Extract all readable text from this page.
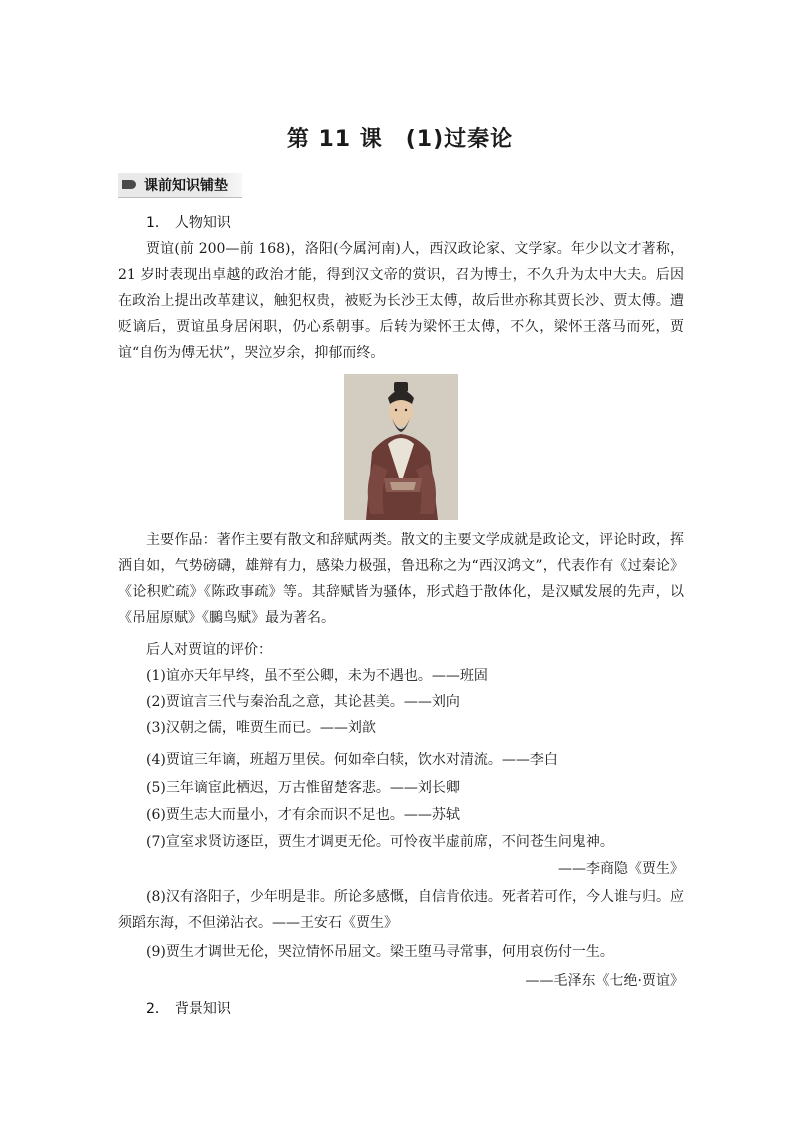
第 11 课　(1)过秦论
课前知识铺垫
1． 人物知识
贾谊(前 200—前 168)，洛阳(今属河南)人，西汉政论家、文学家。年少以文才著称，21 岁时表现出卓越的政治才能，得到汉文帝的赏识，召为博士，不久升为太中大夫。后因在政治上提出改革建议，触犯权贵，被贬为长沙王太傅，故后世亦称其贾长沙、贾太傅。遭贬谪后，贾谊虽身居闲职，仍心系朝事。后转为梁怀王太傅，不久，梁怀王落马而死，贾谊“自伤为傅无状”，哭泣岁余，抑郁而终。
主要作品：著作主要有散文和辞赋两类。散文的主要文学成就是政论文，评论时政，挥洒自如，气势磅礴，雄辩有力，感染力极强，鲁迅称之为“西汉鸿文”，代表作有《过秦论》《论积贮疏》《陈政事疏》等。其辞赋皆为骚体，形式趋于散体化，是汉赋发展的先声，以《吊屈原赋》《鵩鸟赋》最为著名。
后人对贾谊的评价：
(1)谊亦天年早终，虽不至公卿，未为不遇也。——班固
(2)贾谊言三代与秦治乱之意，其论甚美。——刘向
(3)汉朝之儒，唯贾生而已。——刘歆
(4)贾谊三年谪，班超万里侯。何如牵白犊，饮水对清流。——李白
(5)三年谪宦此栖迟，万古惟留楚客悲。——刘长卿
(6)贾生志大而量小，才有余而识不足也。——苏轼
(7)宣室求贤访逐臣，贾生才调更无伦。可怜夜半虚前席，不问苍生问鬼神。
——李商隐《贾生》
(8)汉有洛阳子，少年明是非。所论多感慨，自信肯依违。死者若可作，今人谁与归。应须蹈东海，不但涕沾衣。——王安石《贾生》
(9)贾生才调世无伦，哭泣情怀吊屈文。梁王堕马寻常事，何用哀伤付一生。
——毛泽东《七绝·贾谊》
2． 背景知识
